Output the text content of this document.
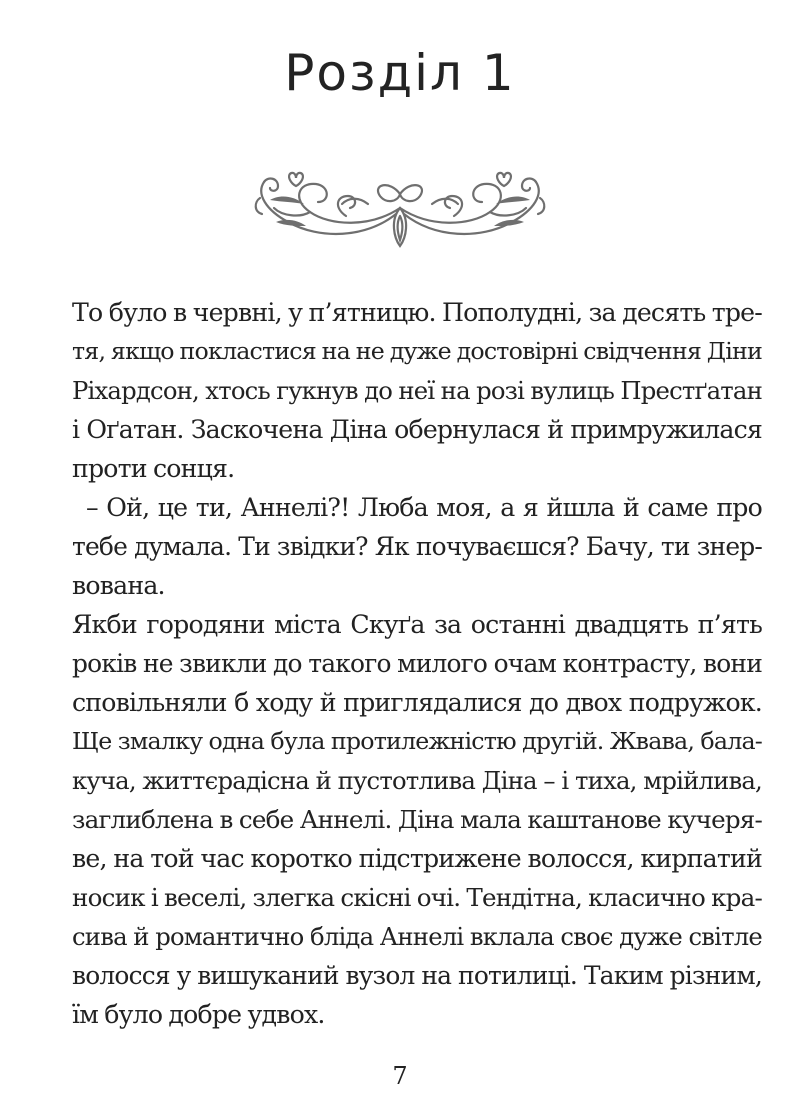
Розділ 1
То було в червні, у п’ятницю. Пополудні, за десять тре-
тя, якщо покластися на не дуже достовірні свідчення Діни
Ріхардсон, хтось гукнув до неї на розі вулиць Престґатан
і Оґатан. Заскочена Діна обернулася й примружилася
проти сонця.
– Ой, це ти, Аннелі?! Люба моя, а я йшла й саме про
тебе думала. Ти звідки? Як почуваєшся? Бачу, ти знер-
вована.
Якби городяни міста Скуґа за останні двадцять п’ять
років не звикли до такого милого очам контрасту, вони
сповільняли б ходу й приглядалися до двох подружок.
Ще змалку одна була протилежністю другій. Жвава, бала-
куча, життєрадісна й пустотлива Діна – і тиха, мрійлива,
заглиблена в себе Аннелі. Діна мала каштанове кучеря-
ве, на той час коротко підстрижене волосся, кирпатий
носик і веселі, злегка скісні очі. Тендітна, класично кра-
сива й романтично бліда Аннелі вклала своє дуже світле
волосся у вишуканий вузол на потилиці. Таким різним,
їм було добре удвох.
7
